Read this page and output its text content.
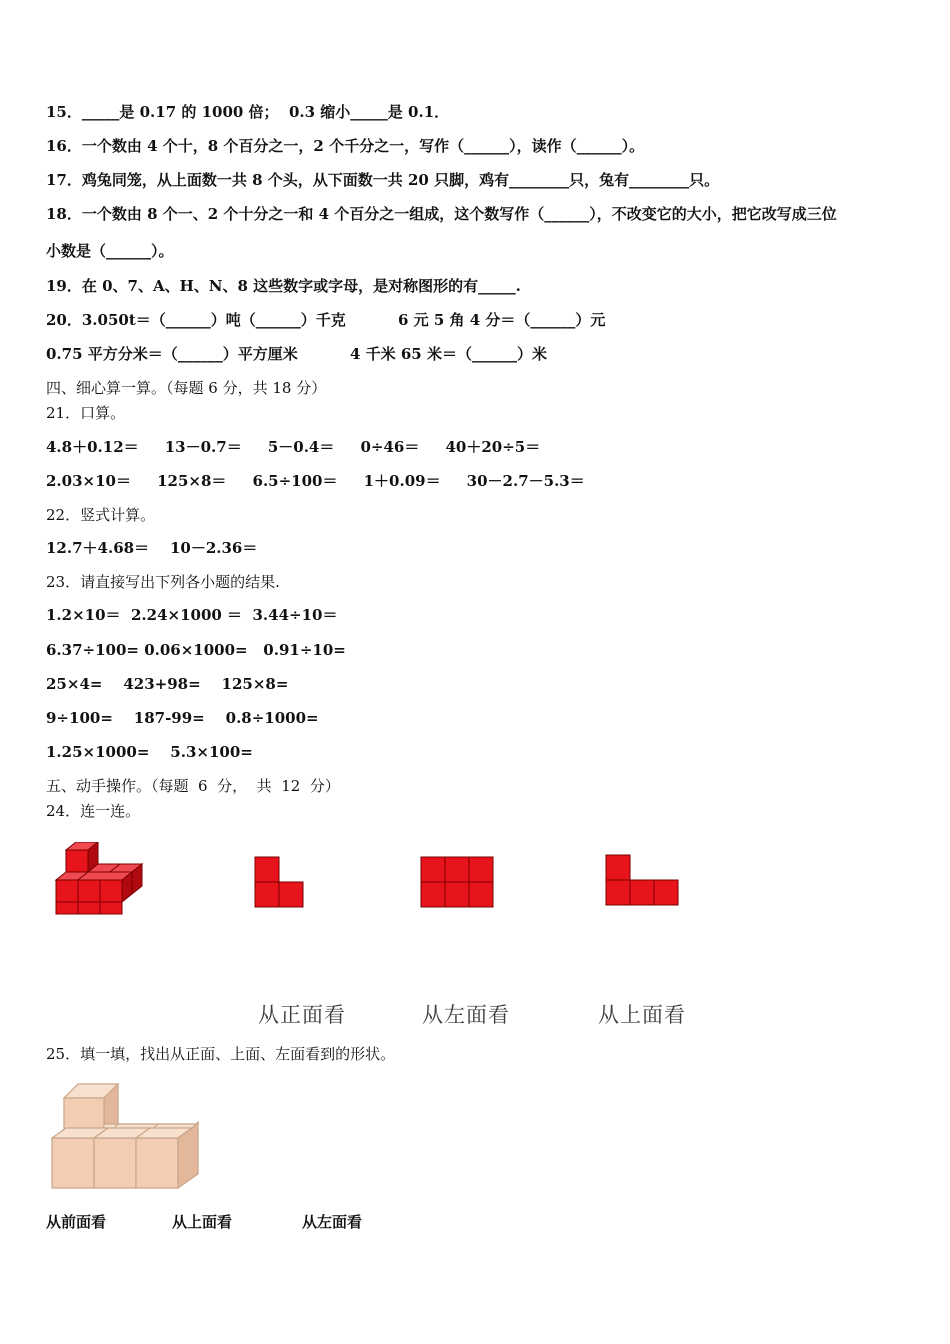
15．_____是 0.17 的 1000 倍；  0.3 缩小_____是 0.1．
16．一个数由 4 个十，8 个百分之一，2 个千分之一，写作（______），读作（______）。
17．鸡兔同笼，从上面数一共 8 个头，从下面数一共 20 只脚，鸡有________只，兔有________只。
18．一个数由 8 个一、2 个十分之一和 4 个百分之一组成，这个数写作（______），不改变它的大小，把它改写成三位
小数是（______）。
19．在 0、7、A、H、N、8 这些数字或字母，是对称图形的有_____.
20．3.050t＝（______）吨（______）千克          6 元 5 角 4 分＝（______）元
0.75 平方分米＝（______）平方厘米          4 千米 65 米＝（______）米
四、细心算一算。（每题 6 分，共 18 分）
21．口算。
4.8＋0.12＝     13－0.7＝     5－0.4＝     0÷46＝     40＋20÷5＝
2.03×10＝     125×8＝     6.5÷100＝     1＋0.09＝     30－2.7－5.3＝
22．竖式计算。
12.7＋4.68＝    10－2.36＝
23．请直接写出下列各小题的结果.
1.2×10＝  2.24×1000 ＝  3.44÷10＝
6.37÷100= 0.06×1000=   0.91÷10=
25×4=    423+98=    125×8=
9÷100=    187-99=    0.8÷1000=
1.25×1000=    5.3×100=
五、动手操作。（每题  6  分，  共  12  分）
24．连一连。
25．填一填，找出从正面、上面、左面看到的形状。
从正面看	从左面看	从上面看
从前面看	从上面看	从左面看
